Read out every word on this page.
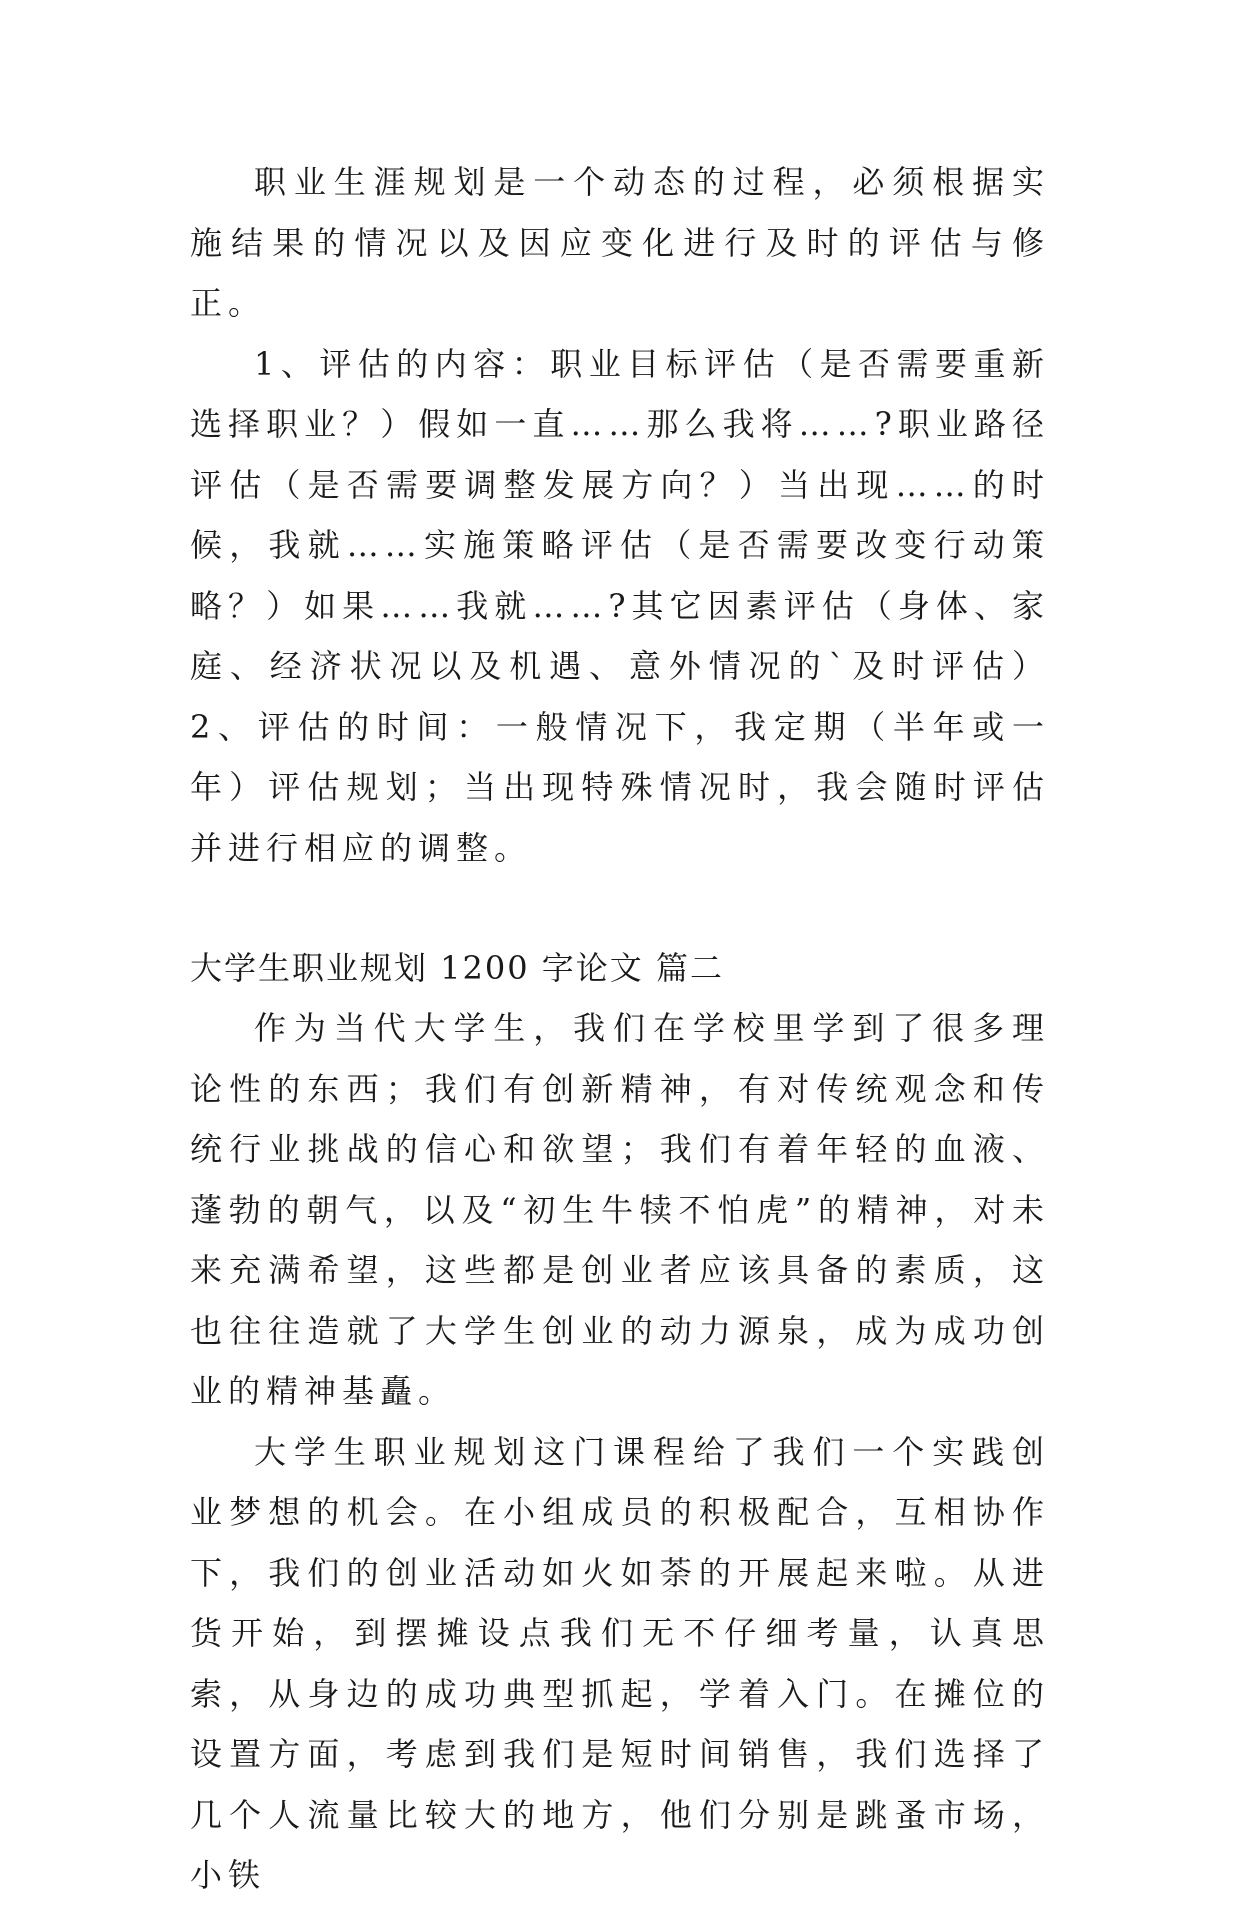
职业生涯规划是一个动态的过程，必须根据实施结果的情况以及因应变化进行及时的评估与修正。

1、评估的内容：职业目标评估（是否需要重新选择职业？）假如一直……那么我将……?职业路径评估（是否需要调整发展方向？）当出现……的时候，我就……实施策略评估（是否需要改变行动策略？）如果……我就……?其它因素评估（身体、家庭、经济状况以及机遇、意外情况的`及时评估）2、评估的时间：一般情况下，我定期（半年或一年）评估规划；当出现特殊情况时，我会随时评估并进行相应的调整。

大学生职业规划 1200 字论文 篇二

作为当代大学生，我们在学校里学到了很多理论性的东西；我们有创新精神，有对传统观念和传统行业挑战的信心和欲望；我们有着年轻的血液、蓬勃的朝气，以及“初生牛犊不怕虎”的精神，对未来充满希望，这些都是创业者应该具备的素质，这也往往造就了大学生创业的动力源泉，成为成功创业的精神基矗。

大学生职业规划这门课程给了我们一个实践创业梦想的机会。在小组成员的积极配合，互相协作下，我们的创业活动如火如荼的开展起来啦。从进货开始，到摆摊设点我们无不仔细考量，认真思索，从身边的成功典型抓起，学着入门。在摊位的设置方面，考虑到我们是短时间销售，我们选择了几个人流量比较大的地方，他们分别是跳蚤市场，小铁
